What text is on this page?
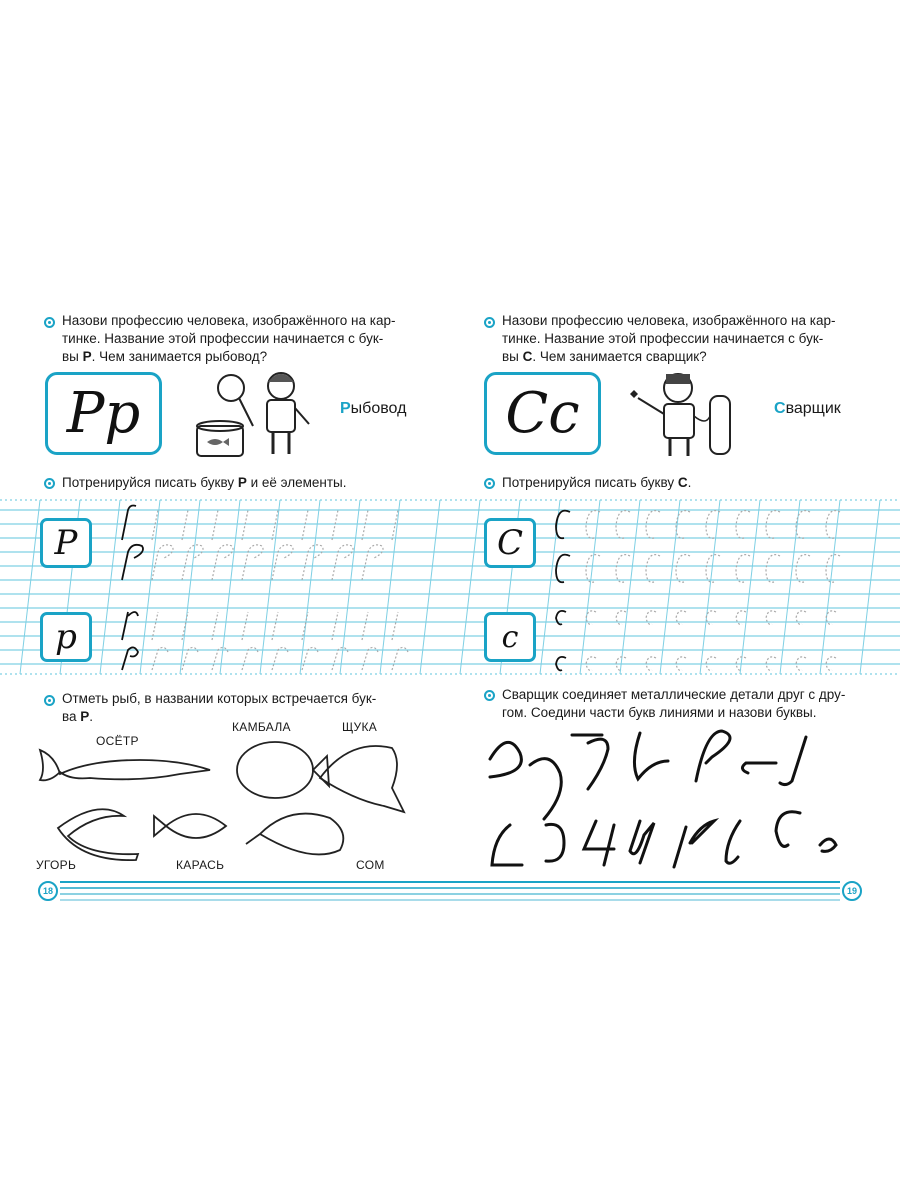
Назови профессию человека, изображённого на кар-
тинке. Название этой профессии начинается с бук-
вы Р. Чем занимается рыбовод?
Рр	Рыбовод
Потренируйся писать букву Р и её элементы.
Р
р
Отметь рыб, в названии которых встречается бук-
ва Р.
ОСЁТР
КАМБАЛА	ЩУКА
УГОРЬ	КАРАСЬ	СОМ
Назови профессию человека, изображённого на кар-
тинке. Название этой профессии начинается с бук-
вы С. Чем занимается сварщик?
Сс	Сварщик
Потренируйся писать букву С.
С
с
Сварщик соединяет металлические детали друг с дру-
гом. Соедини части букв линиями и назови буквы.
18	19
